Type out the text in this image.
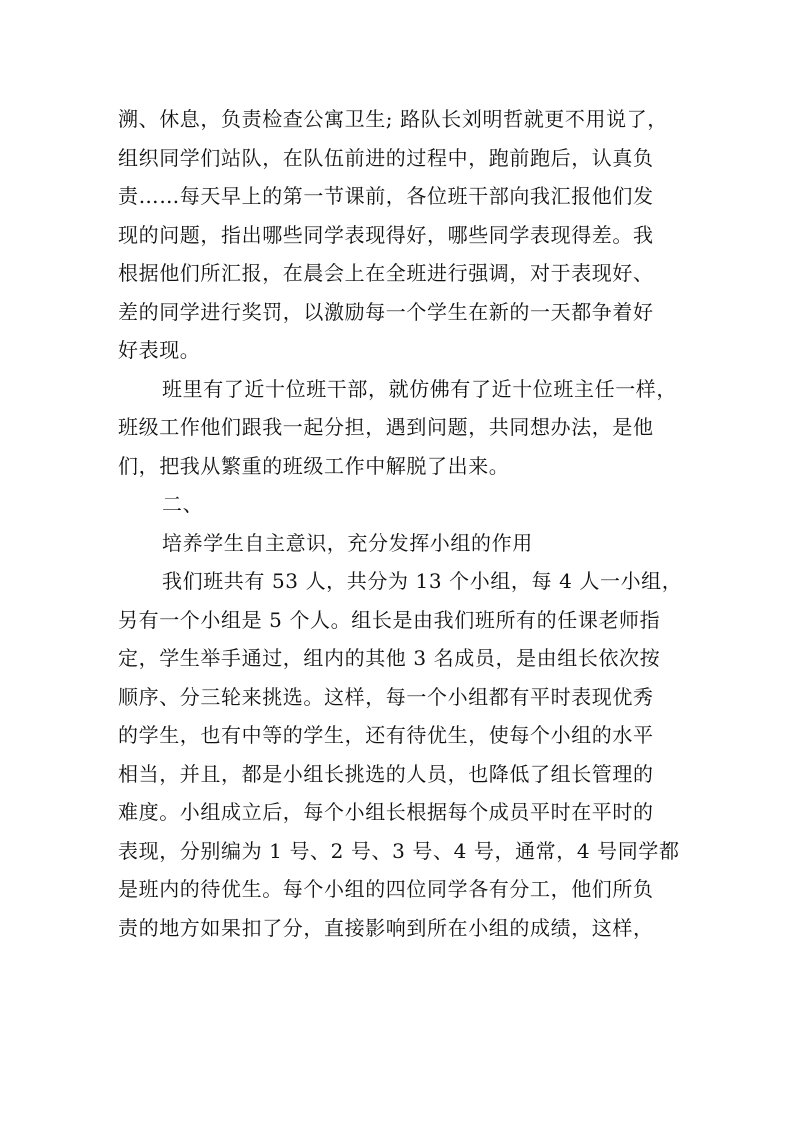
溯、休息，负责检查公寓卫生; 路队长刘明哲就更不用说了，
组织同学们站队，在队伍前进的过程中，跑前跑后，认真负
责……每天早上的第一节课前，各位班干部向我汇报他们发
现的问题，指出哪些同学表现得好，哪些同学表现得差。我
根据他们所汇报，在晨会上在全班进行强调，对于表现好、
差的同学进行奖罚，以激励每一个学生在新的一天都争着好
好表现。
班里有了近十位班干部，就仿佛有了近十位班主任一样，
班级工作他们跟我一起分担，遇到问题，共同想办法，是他
们，把我从繁重的班级工作中解脱了出来。
二、
培养学生自主意识，充分发挥小组的作用
我们班共有 53 人，共分为 13 个小组，每 4 人一小组，
另有一个小组是 5 个人。组长是由我们班所有的任课老师指
定，学生举手通过，组内的其他 3 名成员，是由组长依次按
顺序、分三轮来挑选。这样，每一个小组都有平时表现优秀
的学生，也有中等的学生，还有待优生，使每个小组的水平
相当，并且，都是小组长挑选的人员，也降低了组长管理的
难度。小组成立后，每个小组长根据每个成员平时在平时的
表现，分别编为 1 号、2 号、3 号、4 号，通常，4 号同学都
是班内的待优生。每个小组的四位同学各有分工，他们所负
责的地方如果扣了分，直接影响到所在小组的成绩，这样，
